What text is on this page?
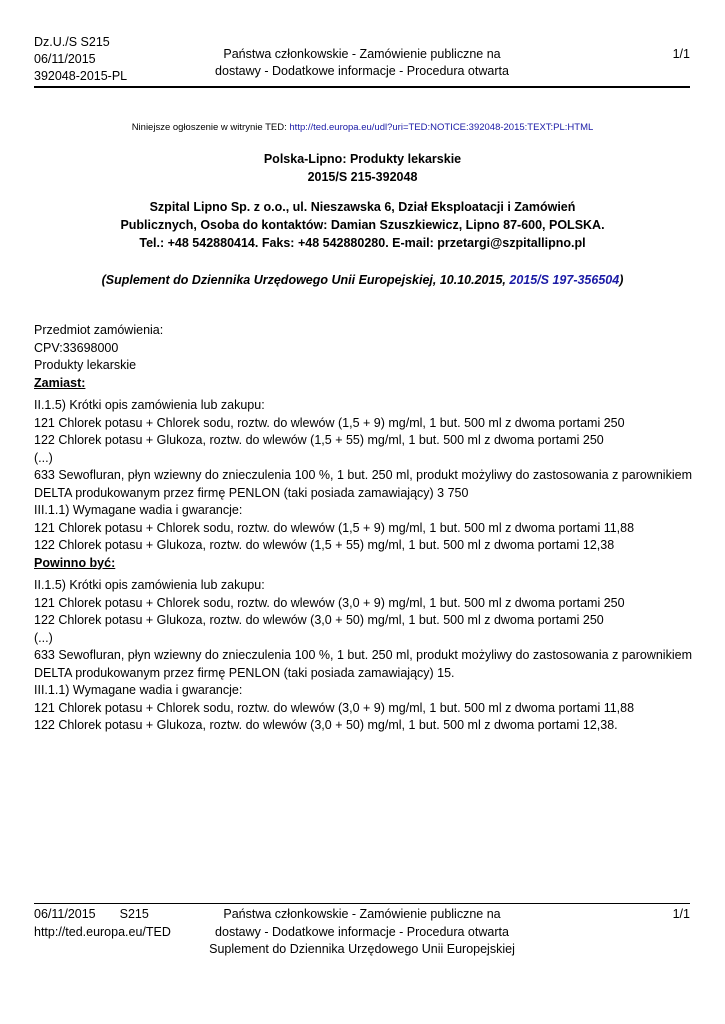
Dz.U./S S215
06/11/2015
392048-2015-PL
Państwa członkowskie - Zamówienie publiczne na
dostawy - Dodatkowe informacje - Procedura otwarta
1/1
Niniejsze ogłoszenie w witrynie TED: http://ted.europa.eu/udl?uri=TED:NOTICE:392048-2015:TEXT:PL:HTML
Polska-Lipno: Produkty lekarskie
2015/S 215-392048
Szpital Lipno Sp. z o.o., ul. Nieszawska 6, Dział Eksploatacji i Zamówień
Publicznych, Osoba do kontaktów: Damian Szuszkiewicz, Lipno 87-600, POLSKA.
Tel.: +48 542880414. Faks: +48 542880280. E-mail: przetargi@szpitallipno.pl
(Suplement do Dziennika Urzędowego Unii Europejskiej, 10.10.2015, 2015/S 197-356504)

Przedmiot zamówienia:

CPV:33698000

Produkty lekarskie

Zamiast:

II.1.5) Krótki opis zamówienia lub zakupu:

121 Chlorek potasu + Chlorek sodu, roztw. do wlewów (1,5 + 9) mg/ml, 1 but. 500 ml z dwoma portami 250

122 Chlorek potasu + Glukoza, roztw. do wlewów (1,5 + 55) mg/ml, 1 but. 500 ml z dwoma portami 250

(...)

633 Sewofluran, płyn wziewny do znieczulenia 100 %, 1 but. 250 ml, produkt możyliwy do zastosowania z parownikiem DELTA produkowanym przez firmę PENLON (taki posiada zamawiający) 3 750

III.1.1) Wymagane wadia i gwarancje:

121 Chlorek potasu + Chlorek sodu, roztw. do wlewów (1,5 + 9) mg/ml, 1 but. 500 ml z dwoma portami 11,88

122 Chlorek potasu + Glukoza, roztw. do wlewów (1,5 + 55) mg/ml, 1 but. 500 ml z dwoma portami 12,38

Powinno być:

II.1.5) Krótki opis zamówienia lub zakupu:

121 Chlorek potasu + Chlorek sodu, roztw. do wlewów (3,0 + 9) mg/ml, 1 but. 500 ml z dwoma portami 250

122 Chlorek potasu + Glukoza, roztw. do wlewów (3,0 + 50) mg/ml, 1 but. 500 ml z dwoma portami 250

(...)

633 Sewofluran, płyn wziewny do znieczulenia 100 %, 1 but. 250 ml, produkt możyliwy do zastosowania z parownikiem DELTA produkowanym przez firmę PENLON (taki posiada zamawiający) 15.

III.1.1) Wymagane wadia i gwarancje:

121 Chlorek potasu + Chlorek sodu, roztw. do wlewów (3,0 + 9) mg/ml, 1 but. 500 ml z dwoma portami 11,88

122 Chlorek potasu + Glukoza, roztw. do wlewów (3,0 + 50) mg/ml, 1 but. 500 ml z dwoma portami 12,38.

06/11/2015 S215
http://ted.europa.eu/TED
Państwa członkowskie - Zamówienie publiczne na
dostawy - Dodatkowe informacje - Procedura otwarta
Suplement do Dziennika Urzędowego Unii Europejskiej
1/1
